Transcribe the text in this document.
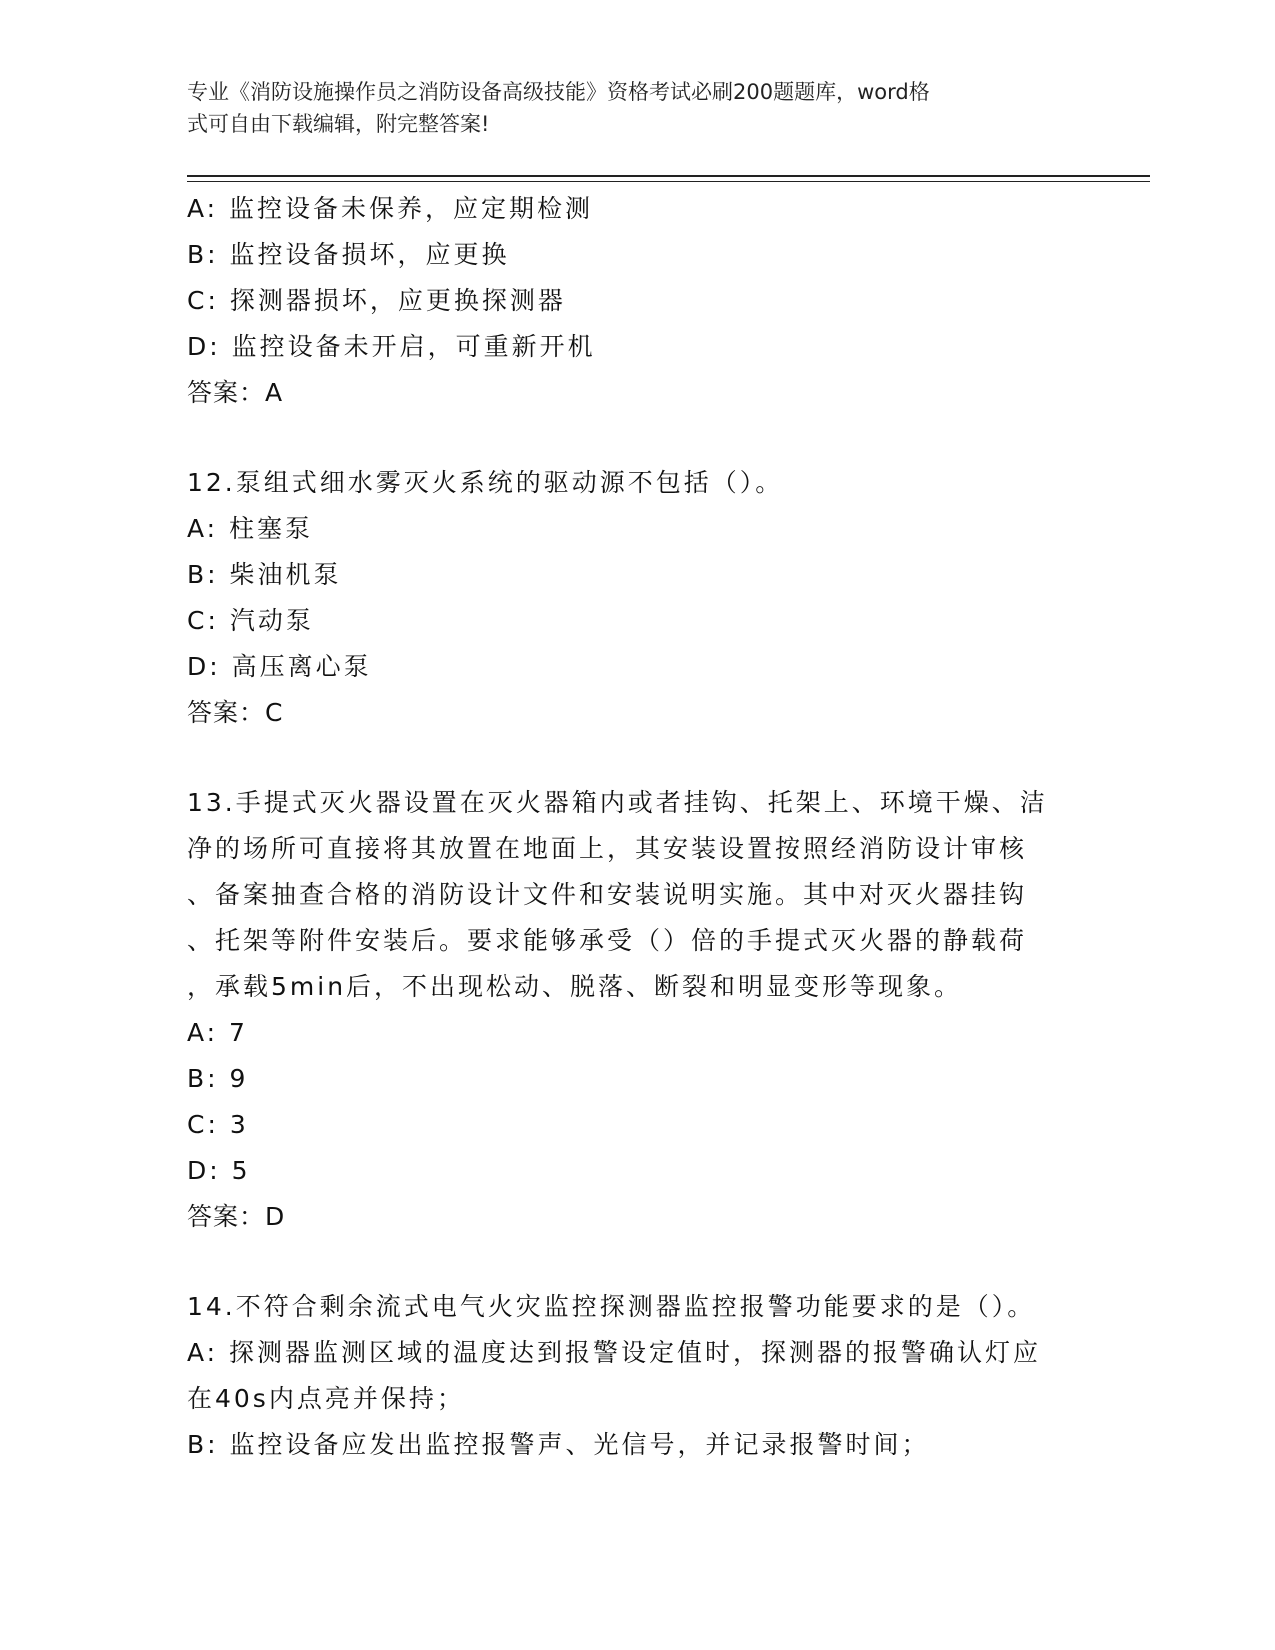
专业《消防设施操作员之消防设备高级技能》资格考试必刷200题题库，word格
式可自由下载编辑，附完整答案!
A: 监控设备未保养，应定期检测
B: 监控设备损坏，应更换
C: 探测器损坏，应更换探测器
D: 监控设备未开启，可重新开机
答案：A
12.泵组式细水雾灭火系统的驱动源不包括（）。
A: 柱塞泵
B: 柴油机泵
C: 汽动泵
D: 高压离心泵
答案：C
13.手提式灭火器设置在灭火器箱内或者挂钩、托架上、环境干燥、洁
净的场所可直接将其放置在地面上，其安装设置按照经消防设计审核
、备案抽查合格的消防设计文件和安装说明实施。其中对灭火器挂钩
、托架等附件安装后。要求能够承受（）倍的手提式灭火器的静载荷
，承载5min后，不出现松动、脱落、断裂和明显变形等现象。
A: 7
B: 9
C: 3
D: 5
答案：D
14.不符合剩余流式电气火灾监控探测器监控报警功能要求的是（）。
A: 探测器监测区域的温度达到报警设定值时，探测器的报警确认灯应
在40s内点亮并保持；
B: 监控设备应发出监控报警声、光信号，并记录报警时间；
